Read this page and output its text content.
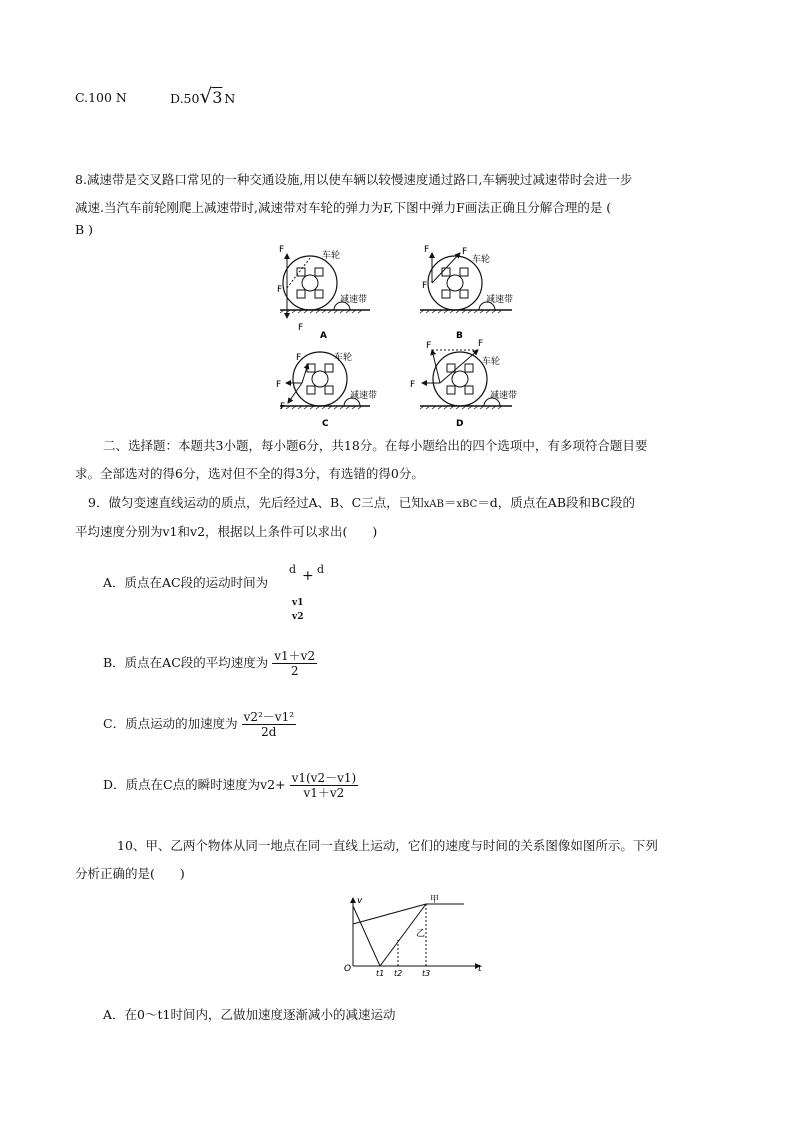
C.100 N	D.50√3 N
8.减速带是交叉路口常见的一种交通设施,用以使车辆以较慢速度通过路口,车辆驶过减速带时会进一步
减速.当汽车前轮刚爬上减速带时,减速带对车轮的弹力为F,下图中弹力F画法正确且分解合理的是 (
B )
F
F
F
车轮
减速带
A
F	F
F
车轮
减速带
B
F
F
F
车轮
减速带
C
F	F
F
车轮
减速带
D
二、选择题：本题共3小题，每小题6分，共18分。在每小题给出的四个选项中，有多项符合题目要
求。全部选对的得6分，选对但不全的得3分，有选错的得0分。
9．做匀变速直线运动的质点，先后经过A、B、C三点，已知xAB＝xBC＝d，质点在AB段和BC段的
平均速度分别为v1和v2，根据以上条件可以求出(　　)
A．质点在AC段的运动时间为
d + d
v1
v2
B．质点在AC段的平均速度为 $\frac{v1+v2}{2}$
C．质点运动的加速度为 $\frac{\text{v2²－v1²}}{2d}$
D．质点在C点的瞬时速度为$v2+ \frac{v1(v2-v1)}{v1+v2}$
10、甲、乙两个物体从同一地点在同一直线上运动，它们的速度与时间的关系图像如图所示。下列
分析正确的是(　　)
v
t
O
甲
乙
t1 t2 t3
A．在0～t1时间内，乙做加速度逐渐减小的减速运动
